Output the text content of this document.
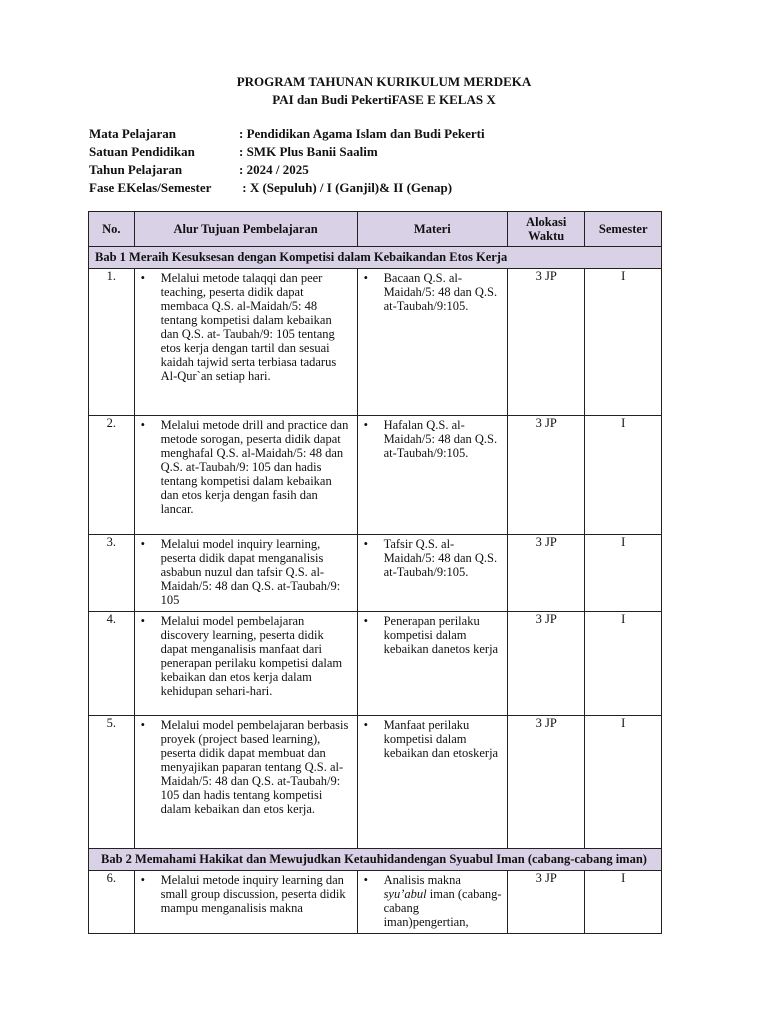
PROGRAM TAHUNAN KURIKULUM MERDEKA
PAI dan Budi PekertiFASE E KELAS X
Mata Pelajaran	: Pendidikan Agama Islam dan Budi Pekerti
Satuan Pendidikan	: SMK Plus Banii Saalim
Tahun Pelajaran	: 2024 / 2025
Fase EKelas/Semester	: X (Sepuluh) / I (Ganjil)& II (Genap)
No.	Alur Tujuan Pembelajaran	Materi	Alokasi Waktu	Semester
Bab 1 Meraih Kesuksesan dengan Kompetisi dalam Kebaikandan Etos Kerja				
1.	• Melalui metode talaqqi dan peer teaching, peserta didik dapat membaca Q.S. al-Maidah/5: 48 tentang kompetisi dalam kebaikan dan Q.S. at- Taubah/9: 105 tentang etos kerja dengan tartil dan sesuai kaidah tajwid serta terbiasa tadarus Al-Qur`an setiap hari.	• Bacaan Q.S. al-Maidah/5: 48 dan Q.S. at-Taubah/9:105.	3 JP	I
2.	• Melalui metode drill and practice dan metode sorogan, peserta didik dapat menghafal Q.S. al-Maidah/5: 48 dan Q.S. at-Taubah/9: 105 dan hadis tentang kompetisi dalam kebaikan dan etos kerja dengan fasih dan lancar.	• Hafalan Q.S. al-Maidah/5: 48 dan Q.S. at-Taubah/9:105.	3 JP	I
3.	• Melalui model inquiry learning, peserta didik dapat menganalisis asbabun nuzul dan tafsir Q.S. al-Maidah/5: 48 dan Q.S. at-Taubah/9: 105	• Tafsir Q.S. al-Maidah/5: 48 dan Q.S. at-Taubah/9:105.	3 JP	I
4.	• Melalui model pembelajaran discovery learning, peserta didik dapat menganalisis manfaat dari penerapan perilaku kompetisi dalam kebaikan dan etos kerja dalam kehidupan sehari-hari.	• Penerapan perilaku kompetisi dalam kebaikan danetos kerja	3 JP	I
5.	• Melalui model pembelajaran berbasis proyek (project based learning), peserta didik dapat membuat dan menyajikan paparan tentang Q.S. al-Maidah/5: 48 dan Q.S. at-Taubah/9: 105 dan hadis tentang kompetisi dalam kebaikan dan etos kerja.	• Manfaat perilaku kompetisi dalam kebaikan dan etoskerja	3 JP	I

Bab 2 Memahami Hakikat dan Mewujudkan Ketauhidandengan Syuabul Iman (cabang-cabang iman)				

6.	• Melalui metode inquiry learning dan small group discussion, peserta didik mampu menganalisis makna	• Analisis makna syu’abul iman (cabang-cabang iman)pengertian,	3 JP	I
